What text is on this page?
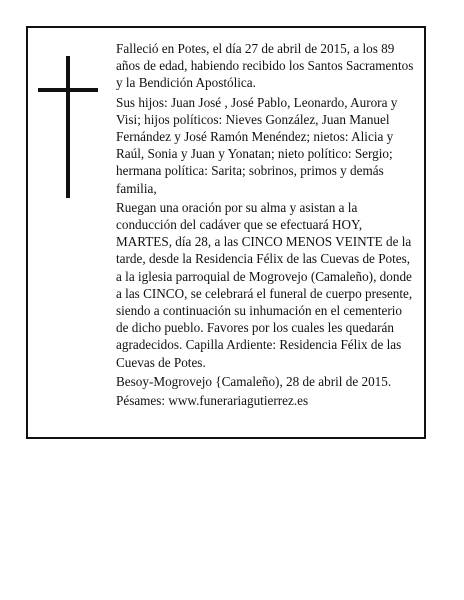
Falleció en Potes, el día 27 de abril de 2015, a los 89 años de edad, habiendo recibido los Santos Sacramentos y la Bendición Apostólica.

Sus hijos: Juan José , José Pablo, Leonardo, Aurora y Visi; hijos políticos: Nieves González, Juan Manuel Fernández y José Ramón Menéndez; nietos: Alicia y Raúl, Sonia y Juan y Yonatan; nieto político: Sergio; hermana política: Sarita; sobrinos, primos y demás familia,

Ruegan una oración por su alma y asistan a la conducción del cadáver que se efectuará HOY, MARTES, día 28, a las CINCO MENOS VEINTE de la tarde, desde la Residencia Félix de las Cuevas de Potes, a la iglesia parroquial de Mogrovejo (Camaleño), donde a las CINCO, se celebrará el funeral de cuerpo presente, siendo a continuación su inhumación en el cementerio de dicho pueblo. Favores por los cuales les quedarán agradecidos. Capilla Ardiente: Residencia Félix de las Cuevas de Potes.

Besoy-Mogrovejo {Camaleño), 28 de abril de 2015.

Pésames: www.funerariagutierrez.es
